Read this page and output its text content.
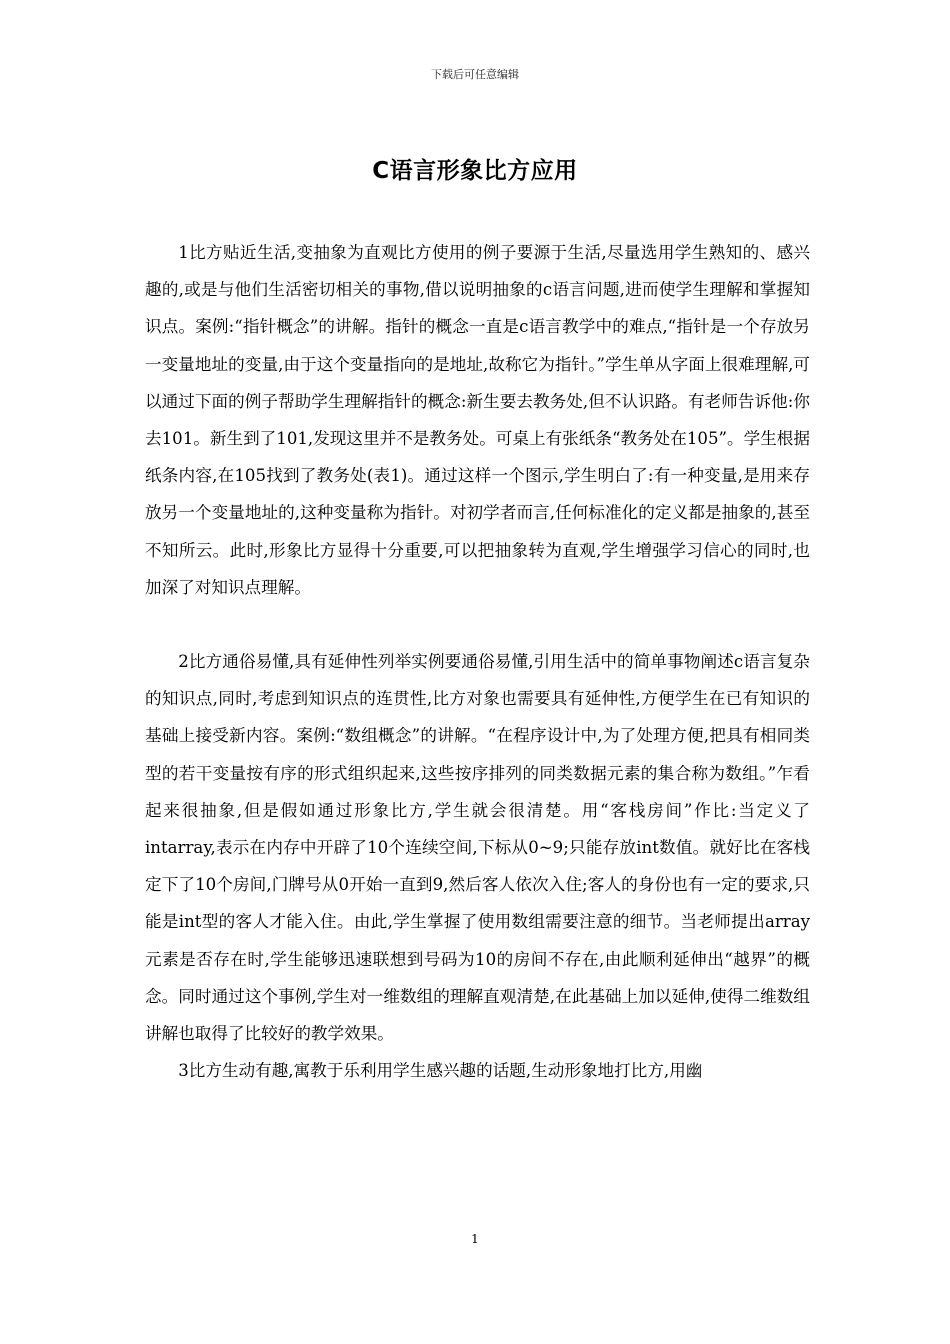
下载后可任意编辑
C语言形象比方应用

1比方贴近生活,变抽象为直观比方使用的例子要源于生活,尽量选用学生熟知的、感兴趣的,或是与他们生活密切相关的事物,借以说明抽象的c语言问题,进而使学生理解和掌握知识点。案例:“指针概念”的讲解。指针的概念一直是c语言教学中的难点,“指针是一个存放另一变量地址的变量,由于这个变量指向的是地址,故称它为指针。”学生单从字面上很难理解,可以通过下面的例子帮助学生理解指针的概念:新生要去教务处,但不认识路。有老师告诉他:你去101。新生到了101,发现这里并不是教务处。可桌上有张纸条“教务处在105”。学生根据纸条内容,在105找到了教务处(表1)。通过这样一个图示,学生明白了:有一种变量,是用来存放另一个变量地址的,这种变量称为指针。对初学者而言,任何标准化的定义都是抽象的,甚至不知所云。此时,形象比方显得十分重要,可以把抽象转为直观,学生增强学习信心的同时,也加深了对知识点理解。

2比方通俗易懂,具有延伸性列举实例要通俗易懂,引用生活中的简单事物阐述c语言复杂的知识点,同时,考虑到知识点的连贯性,比方对象也需要具有延伸性,方便学生在已有知识的基础上接受新内容。案例:“数组概念”的讲解。“在程序设计中,为了处理方便,把具有相同类型的若干变量按有序的形式组织起来,这些按序排列的同类数据元素的集合称为数组。”乍看起来很抽象,但是假如通过形象比方,学生就会很清楚。用“客栈房间”作比:当定义了intarray,表示在内存中开辟了10个连续空间,下标从0~9;只能存放int数值。就好比在客栈定下了10个房间,门牌号从0开始一直到9,然后客人依次入住;客人的身份也有一定的要求,只能是int型的客人才能入住。由此,学生掌握了使用数组需要注意的细节。当老师提出array元素是否存在时,学生能够迅速联想到号码为10的房间不存在,由此顺利延伸出“越界”的概念。同时通过这个事例,学生对一维数组的理解直观清楚,在此基础上加以延伸,使得二维数组讲解也取得了比较好的教学效果。

3比方生动有趣,寓教于乐利用学生感兴趣的话题,生动形象地打比方,用幽

1
